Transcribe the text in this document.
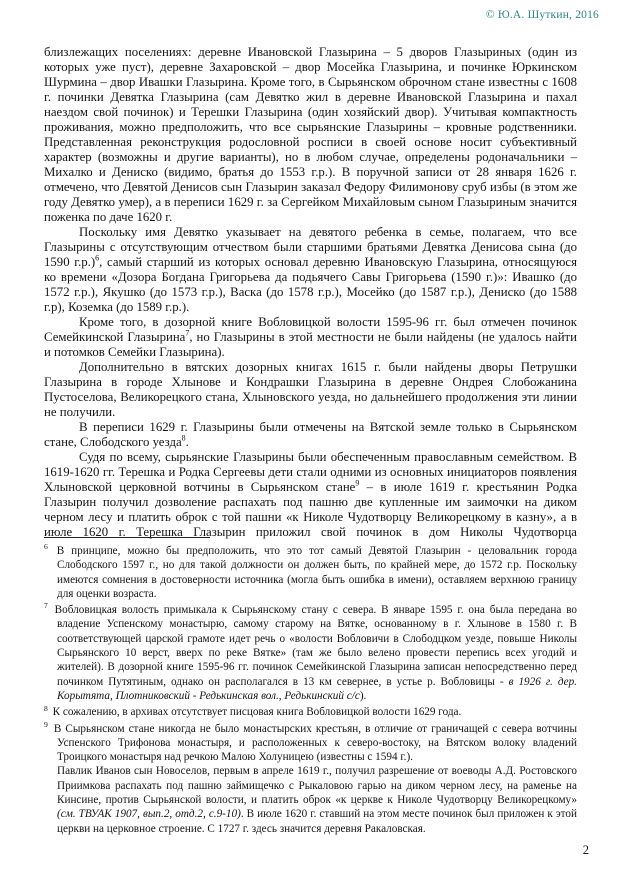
© Ю.А. Шуткин, 2016

близлежащих поселениях: деревне Ивановской Глазырина – 5 дворов Глазыриных (один из которых уже пуст), деревне Захаровской – двор Мосейка Глазырина, и починке Юркинском Шурмина – двор Ивашки Глазырина. Кроме того, в Сырьянском оброчном стане известны с 1608 г. починки Девятка Глазырина (сам Девятко жил в деревне Ивановской Глазырина и пахал наездом свой починок) и Терешки Глазырина (один хозяйский двор). Учитывая компактность проживания, можно предположить, что все сырьянские Глазырины – кровные родственники. Представленная реконструкция родословной росписи в своей основе носит субъективный характер (возможны и другие варианты), но в любом случае, определены родоначальники – Михалко и Дениско (видимо, братья до 1553 г.р.). В поручной записи от 28 января 1626 г. отмечено, что Девятой Денисов сын Глазырин заказал Федору Филимонову сруб избы (в этом же году Девятко умер), а в переписи 1629 г. за Сергейком Михайловым сыном Глазыриным значится поженка по даче 1620 г.

Поскольку имя Девятко указывает на девятого ребенка в семье, полагаем, что все Глазырины с отсутствующим отчеством были старшими братьями Девятка Денисова сына (до 1590 г.р.)$^6$, самый старший из которых основал деревню Ивановскую Глазырина, относящуюся ко времени «Дозора Богдана Григорьева да подьячего Савы Григорьева (1590 г.)»: Ивашко (до 1572 г.р.), Якушко (до 1573 г.р.), Васка (до 1578 г.р.), Мосейко (до 1587 г.р.), Дениско (до 1588 г.р), Коземка (до 1589 г.р.).

Кроме того, в дозорной книге Вобловицкой волости 1595-96 гг. был отмечен починок Семейкинской Глазырина$^7$, но Глазырины в этой местности не были найдены (не удалось найти и потомков Семейки Глазырина).

Дополнительно в вятских дозорных книгах 1615 г. были найдены дворы Петрушки Глазырина в городе Хлынове и Кондрашки Глазырина в деревне Ондрея Слобожанина Пустоселова, Великорецкого стана, Хлыновского уезда, но дальнейшего продолжения эти линии не получили.

В переписи 1629 г. Глазырины были отмечены на Вятской земле только в Сырьянском стане, Слободского уезда$^8$.

Судя по всему, сырьянские Глазырины были обеспеченным православным семейством. В 1619-1620 гг. Терешка и Родка Сергеевы дети стали одними из основных инициаторов появления Хлыновской церковной вотчины в Сырьянском стане$^9$ – в июле 1619 г. крестьянин Родка Глазырин получил дозволение распахать под пашню две купленные им заимочки на диком черном лесу и платить оброк с той пашни «к Николе Чудотворцу Великорецкому в казну», а в июле 1620 г. Терешка Глазырин приложил свой починок в дом Николы Чудотворца

$^6$ В принципе, можно бы предположить, что это тот самый Девятой Глазырин - целовальник города Слободского 1597 г., но для такой должности он должен быть, по крайней мере, до 1572 г.р. Поскольку имеются сомнения в достоверности источника (могла быть ошибка в имени), оставляем верхнюю границу для оценки возраста.

$^7$ Вобловицкая волость примыкала к Сырьянскому стану с севера. В январе 1595 г. она была передана во владение Успенскому монастырю, самому старому на Вятке, основанному в г. Хлынове в 1580 г. В соответствующей царской грамоте идет речь о «волости Вобловичи в Слободцком уезде, повыше Николы Сырьянского 10 верст, вверх по реке Вятке» (там же было велено провести перепись всех угодий и жителей). В дозорной книге 1595-96 гг. починок Семейкинской Глазырина записан непосредственно перед починком Путятиным, однако он располагался в 13 км севернее, в устье р. Вобловицы - в 1926 г. дер. Корытята, Плотниковский - Редькинская вол., Редькинский с/с).

$^8$ К сожалению, в архивах отсутствует писцовая книга Вобловицкой волости 1629 года.

$^9$ В Сырьянском стане никогда не было монастырских крестьян, в отличие от граничащей с севера вотчины Успенского Трифонова монастыря, и расположенных к северо-востоку, на Вятском волоку владений Троицкого монастыря над речкою Малою Холуницею (известны с 1594 г.).

Павлик Иванов сын Новоселов, первым в апреле 1619 г., получил разрешение от воеводы А.Д. Ростовского Приимкова распахать под пашню займищечко с Рыкаловою гарью на диком черном лесу, на раменье на Кинсине, против Сырьянской волости, и платить оброк «к церкве к Николе Чудотворцу Великорецкому» (см. ТВУАК 1907, вып.2, отд.2, с.9-10). В июле 1620 г. ставший на этом месте починок был приложен к этой церкви на церковное строение. С 1727 г. здесь значится деревня Ракаловская.

2
